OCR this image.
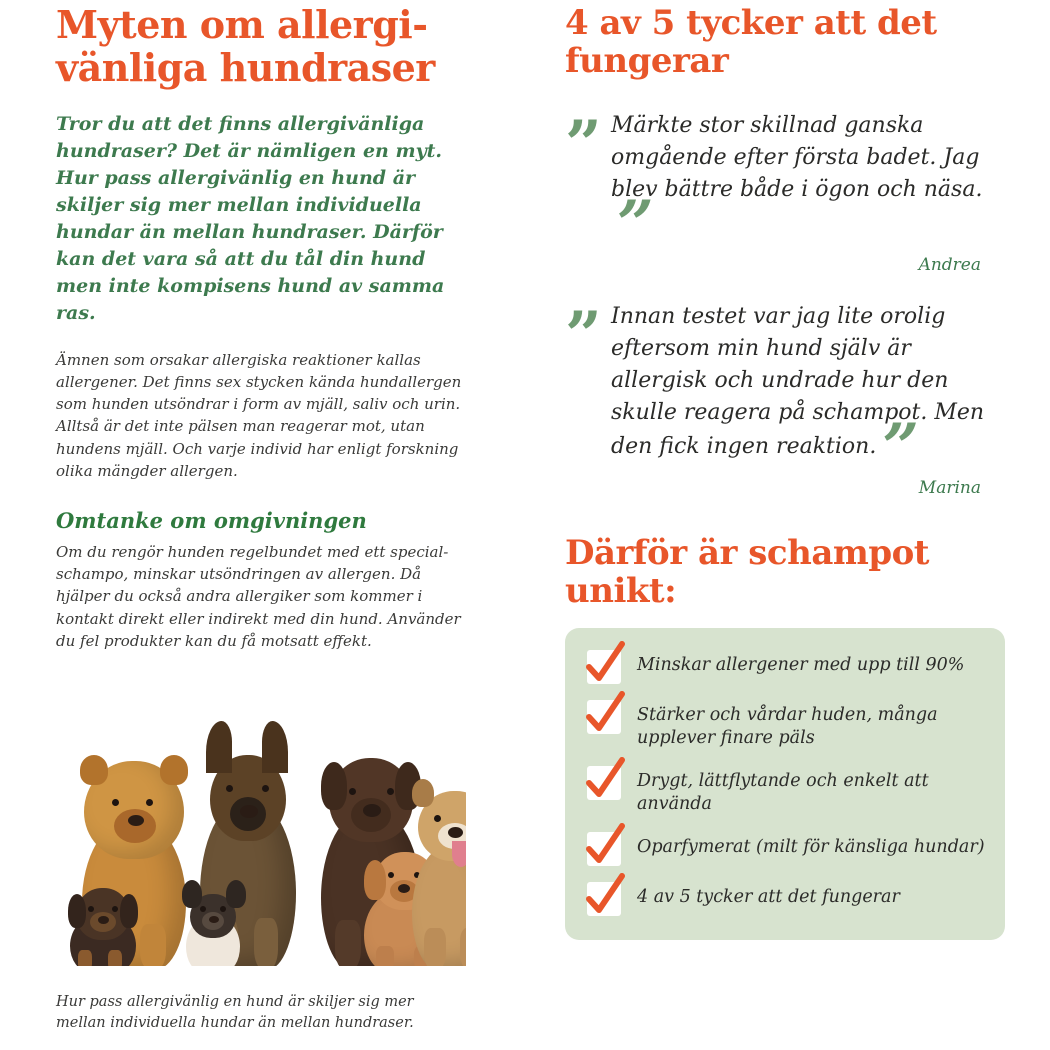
Myten om allergi-vänliga hundraser

Tror du att det finns allergivänliga hundraser? Det är nämligen en myt. Hur pass allergivänlig en hund är skiljer sig mer mellan individuella hundar än mellan hundraser. Därför kan det vara så att du tål din hund men inte kompisens hund av samma ras.

Ämnen som orsakar allergiska reaktioner kallas allergener. Det finns sex stycken kända hundallergen som hunden utsöndrar i form av mjäll, saliv och urin. Alltså är det inte pälsen man reagerar mot, utan hundens mjäll. Och varje individ har enligt forskning olika mängder allergen.

Omtanke om omgivningen

Om du rengör hunden regelbundet med ett special-schampo, minskar utsöndringen av allergen. Då hjälper du också andra allergiker som kommer i kontakt direkt eller indirekt med din hund. Använder du fel produkter kan du få motsatt effekt.

Hur pass allergivänlig en hund är skiljer sig mer mellan individuella hundar än mellan hundraser.

4 av 5 tycker att det fungerar
” Märkte stor skillnad ganska omgående efter första badet. Jag blev bättre både i ögon och näsa.”

Andrea
” Innan testet var jag lite orolig eftersom min hund själv är allergisk och undrade hur den skulle reagera på schampot. Men den fick ingen reaktion.”

Marina
Därför är schampot unikt:
Minskar allergener med upp till 90%
Stärker och vårdar huden, många upplever finare päls
Drygt, lättflytande och enkelt att använda
Oparfymerat (milt för känsliga hundar)
4 av 5 tycker att det fungerar
